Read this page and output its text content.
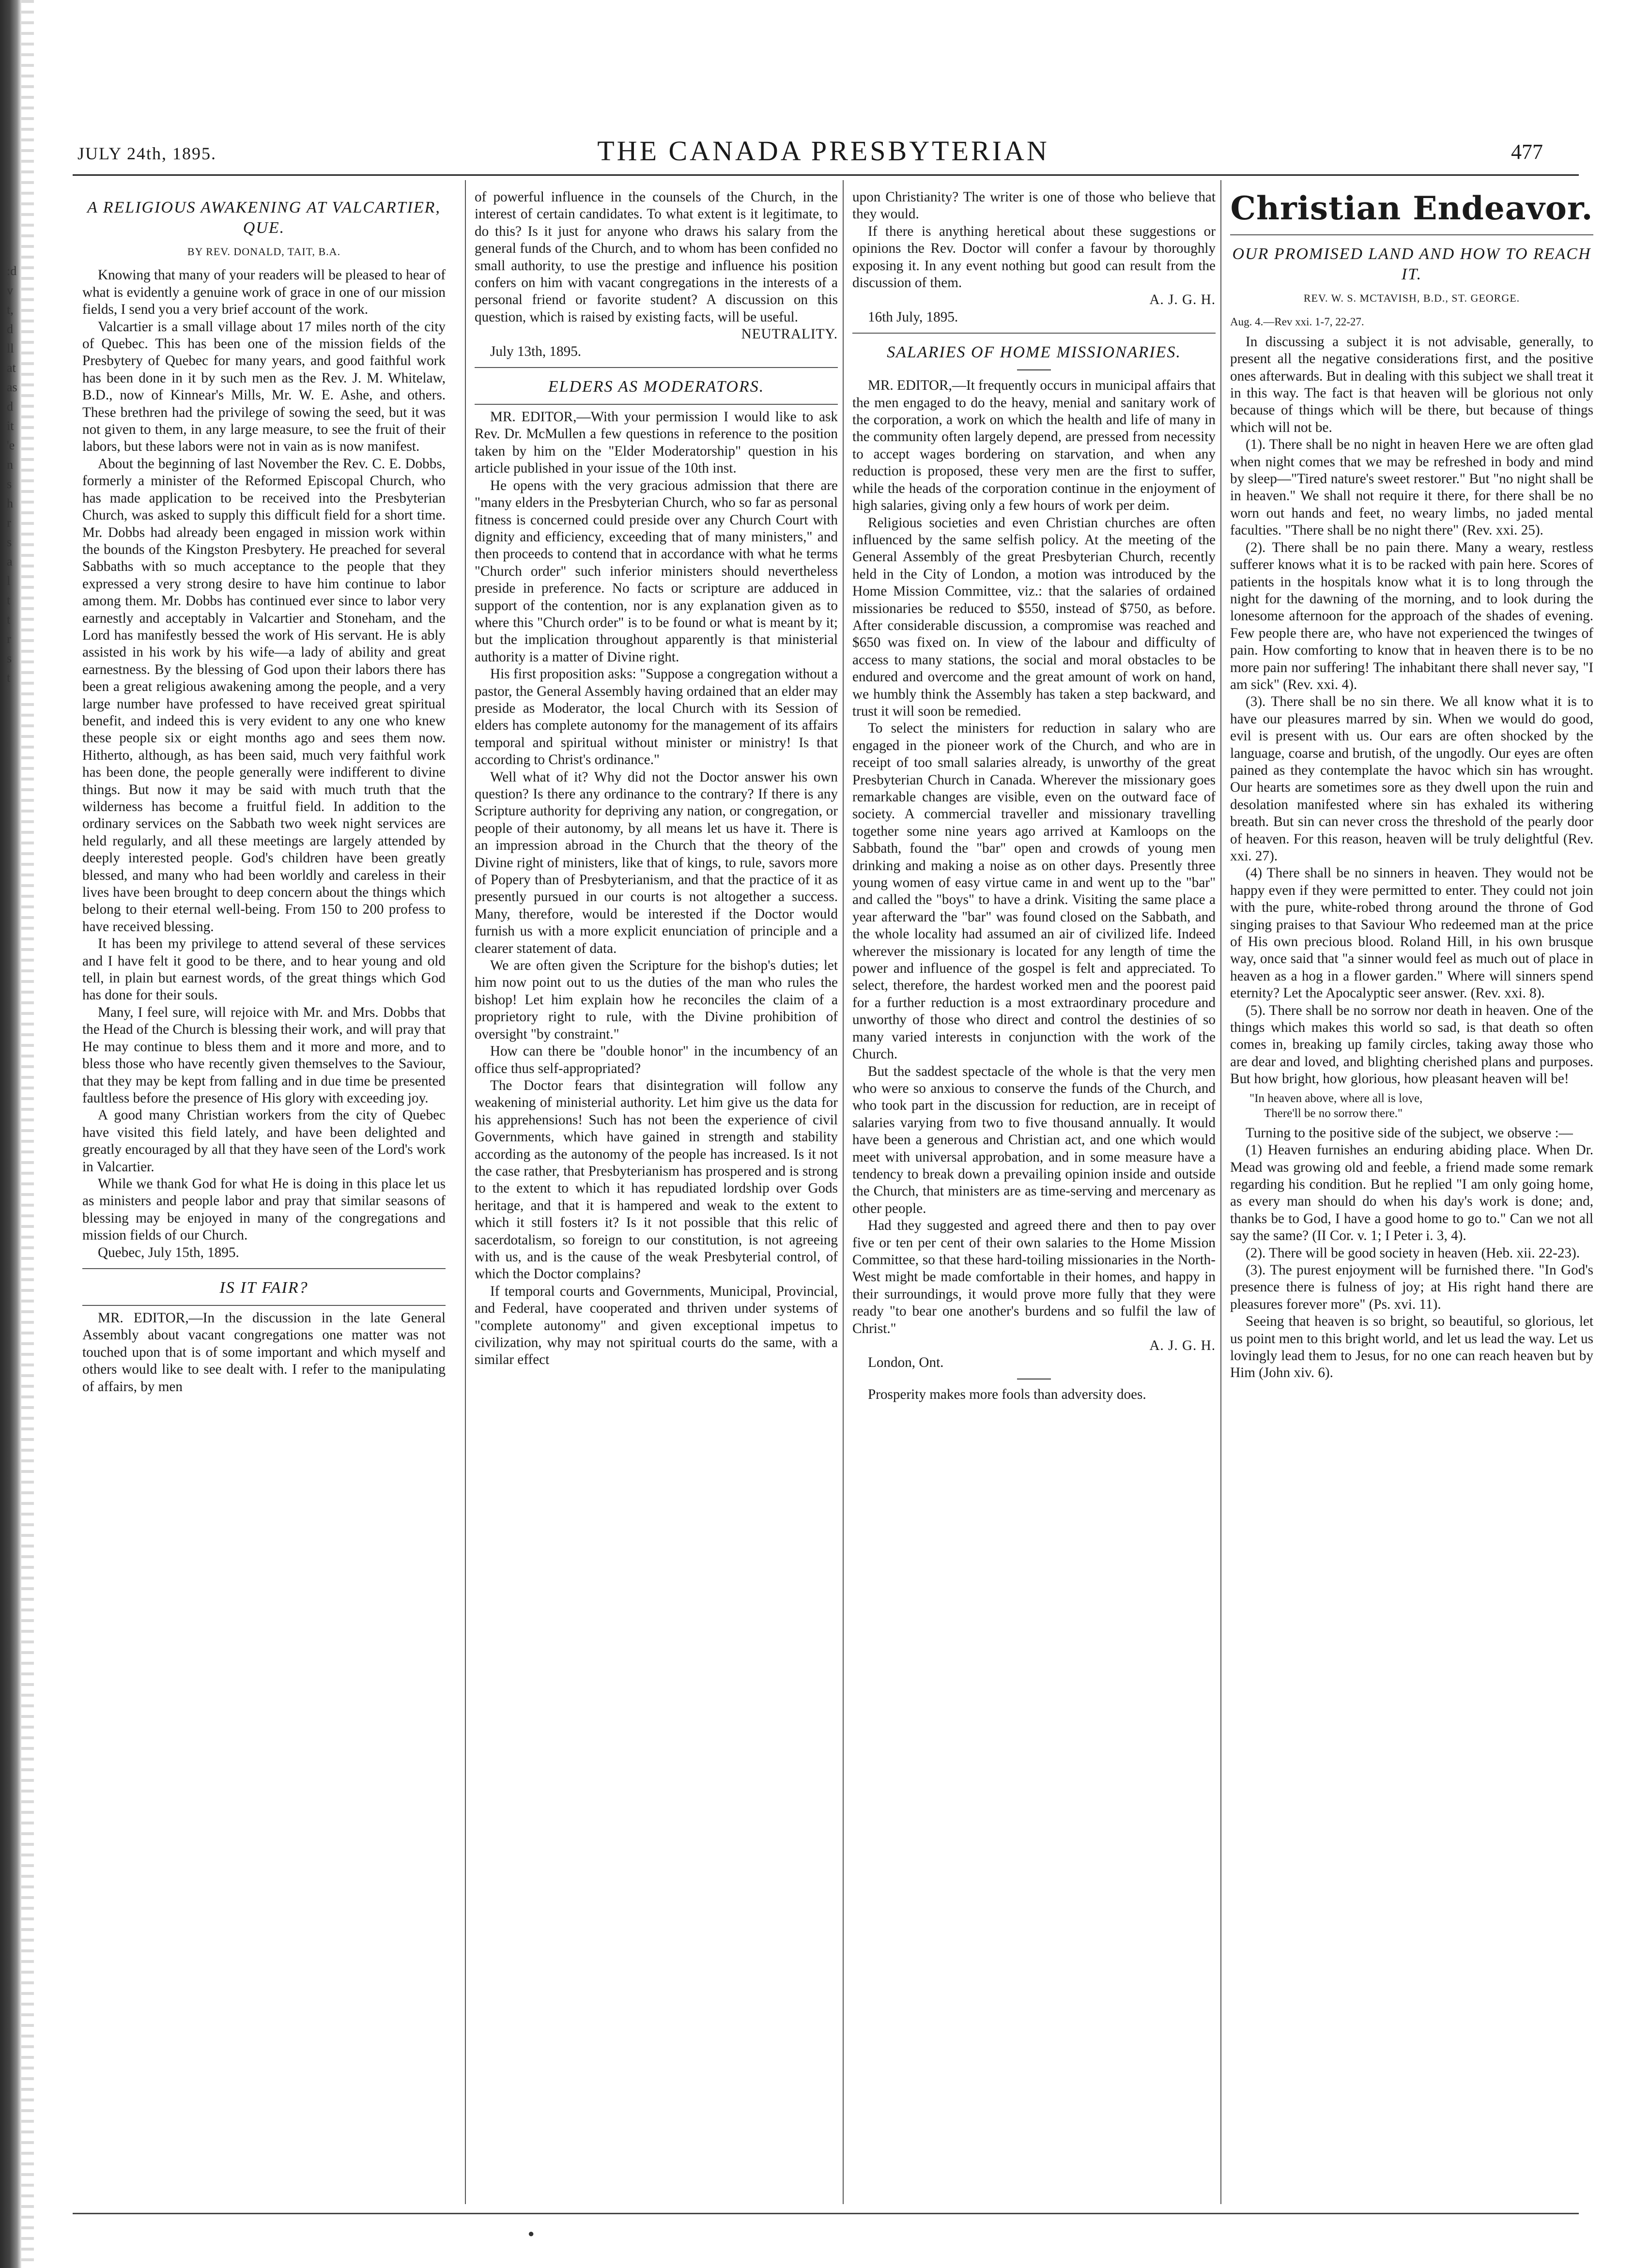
:d
v
t,
d
ll
at
as
d
it
'e
n
s
h
r
s
a
l
t
t
r
s
t
JULY 24th, 1895.	THE CANADA PRESBYTERIAN	477
A RELIGIOUS AWAKENING AT VALCARTIER, QUE.

BY REV. DONALD, TAIT, B.A.

Knowing that many of your readers will be pleased to hear of what is evidently a genuine work of grace in one of our mission fields, I send you a very brief account of the work.

Valcartier is a small village about 17 miles north of the city of Quebec. This has been one of the mission fields of the Presbytery of Quebec for many years, and good faithful work has been done in it by such men as the Rev. J. M. Whitelaw, B.D., now of Kinnear's Mills, Mr. W. E. Ashe, and others. These brethren had the privilege of sowing the seed, but it was not given to them, in any large measure, to see the fruit of their labors, but these labors were not in vain as is now manifest.

About the beginning of last November the Rev. C. E. Dobbs, formerly a minister of the Reformed Episcopal Church, who has made application to be received into the Presbyterian Church, was asked to supply this difficult field for a short time. Mr. Dobbs had already been engaged in mission work within the bounds of the Kingston Presbytery. He preached for several Sabbaths with so much acceptance to the people that they expressed a very strong desire to have him continue to labor among them. Mr. Dobbs has continued ever since to labor very earnestly and acceptably in Valcartier and Stoneham, and the Lord has manifestly bessed the work of His servant. He is ably assisted in his work by his wife—a lady of ability and great earnestness. By the blessing of God upon their labors there has been a great religious awakening among the people, and a very large number have professed to have received great spiritual benefit, and indeed this is very evident to any one who knew these people six or eight months ago and sees them now. Hitherto, although, as has been said, much very faithful work has been done, the people generally were indifferent to divine things. But now it may be said with much truth that the wilderness has become a fruitful field. In addition to the ordinary services on the Sabbath two week night services are held regularly, and all these meetings are largely attended by deeply interested people. God's children have been greatly blessed, and many who had been worldly and careless in their lives have been brought to deep concern about the things which belong to their eternal well-being. From 150 to 200 profess to have received blessing.

It has been my privilege to attend several of these services and I have felt it good to be there, and to hear young and old tell, in plain but earnest words, of the great things which God has done for their souls.

Many, I feel sure, will rejoice with Mr. and Mrs. Dobbs that the Head of the Church is blessing their work, and will pray that He may continue to bless them and it more and more, and to bless those who have recently given themselves to the Saviour, that they may be kept from falling and in due time be presented faultless before the presence of His glory with exceeding joy.

A good many Christian workers from the city of Quebec have visited this field lately, and have been delighted and greatly encouraged by all that they have seen of the Lord's work in Valcartier.

While we thank God for what He is doing in this place let us as ministers and people labor and pray that similar seasons of blessing may be enjoyed in many of the congregations and mission fields of our Church.

Quebec, July 15th, 1895.

IS IT FAIR?

MR. EDITOR,—In the discussion in the late General Assembly about vacant congregations one matter was not touched upon that is of some important and which myself and others would like to see dealt with. I refer to the manipulating of affairs, by men

of powerful influence in the counsels of the Church, in the interest of certain candidates. To what extent is it legitimate, to do this? Is it just for anyone who draws his salary from the general funds of the Church, and to whom has been confided no small authority, to use the prestige and influence his position confers on him with vacant congregations in the interests of a personal friend or favorite student? A discussion on this question, which is raised by existing facts, will be useful.

NEUTRALITY.

July 13th, 1895.

ELDERS AS MODERATORS.

MR. EDITOR,—With your permission I would like to ask Rev. Dr. McMullen a few questions in reference to the position taken by him on the "Elder Moderatorship" question in his article published in your issue of the 10th inst.

He opens with the very gracious admission that there are "many elders in the Presbyterian Church, who so far as personal fitness is concerned could preside over any Church Court with dignity and efficiency, exceeding that of many ministers," and then proceeds to contend that in accordance with what he terms "Church order" such inferior ministers should nevertheless preside in preference. No facts or scripture are adduced in support of the contention, nor is any explanation given as to where this "Church order" is to be found or what is meant by it; but the implication throughout apparently is that ministerial authority is a matter of Divine right.

His first proposition asks: "Suppose a congregation without a pastor, the General Assembly having ordained that an elder may preside as Moderator, the local Church with its Session of elders has complete autonomy for the management of its affairs temporal and spiritual without minister or ministry! Is that according to Christ's ordinance."

Well what of it? Why did not the Doctor answer his own question? Is there any ordinance to the contrary? If there is any Scripture authority for depriving any nation, or congregation, or people of their autonomy, by all means let us have it. There is an impression abroad in the Church that the theory of the Divine right of ministers, like that of kings, to rule, savors more of Popery than of Presbyterianism, and that the practice of it as presently pursued in our courts is not altogether a success. Many, therefore, would be interested if the Doctor would furnish us with a more explicit enunciation of principle and a clearer statement of data.

We are often given the Scripture for the bishop's duties; let him now point out to us the duties of the man who rules the bishop! Let him explain how he reconciles the claim of a proprietory right to rule, with the Divine prohibition of oversight "by constraint."

How can there be "double honor" in the incumbency of an office thus self-appropriated?

The Doctor fears that disintegration will follow any weakening of ministerial authority. Let him give us the data for his apprehensions! Such has not been the experience of civil Governments, which have gained in strength and stability according as the autonomy of the people has increased. Is it not the case rather, that Presbyterianism has prospered and is strong to the extent to which it has repudiated lordship over Gods heritage, and that it is hampered and weak to the extent to which it still fosters it? Is it not possible that this relic of sacerdotalism, so foreign to our constitution, is not agreeing with us, and is the cause of the weak Presbyterial control, of which the Doctor complains?

If temporal courts and Governments, Municipal, Provincial, and Federal, have cooperated and thriven under systems of "complete autonomy" and given exceptional impetus to civilization, why may not spiritual courts do the same, with a similar effect

upon Christianity? The writer is one of those who believe that they would.

If there is anything heretical about these suggestions or opinions the Rev. Doctor will confer a favour by thoroughly exposing it. In any event nothing but good can result from the discussion of them.

A. J. G. H.

16th July, 1895.

SALARIES OF HOME MISSIONARIES.

MR. EDITOR,—It frequently occurs in municipal affairs that the men engaged to do the heavy, menial and sanitary work of the corporation, a work on which the health and life of many in the community often largely depend, are pressed from necessity to accept wages bordering on starvation, and when any reduction is proposed, these very men are the first to suffer, while the heads of the corporation continue in the enjoyment of high salaries, giving only a few hours of work per deim.

Religious societies and even Christian churches are often influenced by the same selfish policy. At the meeting of the General Assembly of the great Presbyterian Church, recently held in the City of London, a motion was introduced by the Home Mission Committee, viz.: that the salaries of ordained missionaries be reduced to $550, instead of $750, as before. After considerable discussion, a compromise was reached and $650 was fixed on. In view of the labour and difficulty of access to many stations, the social and moral obstacles to be endured and overcome and the great amount of work on hand, we humbly think the Assembly has taken a step backward, and trust it will soon be remedied.

To select the ministers for reduction in salary who are engaged in the pioneer work of the Church, and who are in receipt of too small salaries already, is unworthy of the great Presbyterian Church in Canada. Wherever the missionary goes remarkable changes are visible, even on the outward face of society. A commercial traveller and missionary travelling together some nine years ago arrived at Kamloops on the Sabbath, found the "bar" open and crowds of young men drinking and making a noise as on other days. Presently three young women of easy virtue came in and went up to the "bar" and called the "boys" to have a drink. Visiting the same place a year afterward the "bar" was found closed on the Sabbath, and the whole locality had assumed an air of civilized life. Indeed wherever the missionary is located for any length of time the power and influence of the gospel is felt and appreciated. To select, therefore, the hardest worked men and the poorest paid for a further reduction is a most extraordinary procedure and unworthy of those who direct and control the destinies of so many varied interests in conjunction with the work of the Church.

But the saddest spectacle of the whole is that the very men who were so anxious to conserve the funds of the Church, and who took part in the discussion for reduction, are in receipt of salaries varying from two to five thousand annually. It would have been a generous and Christian act, and one which would meet with universal approbation, and in some measure have a tendency to break down a prevailing opinion inside and outside the Church, that ministers are as time-serving and mercenary as other people.

Had they suggested and agreed there and then to pay over five or ten per cent of their own salaries to the Home Mission Committee, so that these hard-toiling missionaries in the North-West might be made comfortable in their homes, and happy in their surroundings, it would prove more fully that they were ready "to bear one another's burdens and so fulfil the law of Christ."

A. J. G. H.

London, Ont.

Prosperity makes more fools than adversity does.

Christian Endeavor.
OUR PROMISED LAND AND HOW TO REACH IT.

REV. W. S. MCTAVISH, B.D., ST. GEORGE.

Aug. 4.—Rev xxi. 1-7, 22-27.

In discussing a subject it is not advisable, generally, to present all the negative considerations first, and the positive ones afterwards. But in dealing with this subject we shall treat it in this way. The fact is that heaven will be glorious not only because of things which will be there, but because of things which will not be.

(1). There shall be no night in heaven Here we are often glad when night comes that we may be refreshed in body and mind by sleep—"Tired nature's sweet restorer." But "no night shall be in heaven." We shall not require it there, for there shall be no worn out hands and feet, no weary limbs, no jaded mental faculties. "There shall be no night there" (Rev. xxi. 25).

(2). There shall be no pain there. Many a weary, restless sufferer knows what it is to be racked with pain here. Scores of patients in the hospitals know what it is to long through the night for the dawning of the morning, and to look during the lonesome afternoon for the approach of the shades of evening. Few people there are, who have not experienced the twinges of pain. How comforting to know that in heaven there is to be no more pain nor suffering! The inhabitant there shall never say, "I am sick" (Rev. xxi. 4).

(3). There shall be no sin there. We all know what it is to have our pleasures marred by sin. When we would do good, evil is present with us. Our ears are often shocked by the language, coarse and brutish, of the ungodly. Our eyes are often pained as they contemplate the havoc which sin has wrought. Our hearts are sometimes sore as they dwell upon the ruin and desolation manifested where sin has exhaled its withering breath. But sin can never cross the threshold of the pearly door of heaven. For this reason, heaven will be truly delightful (Rev. xxi. 27).

(4) There shall be no sinners in heaven. They would not be happy even if they were permitted to enter. They could not join with the pure, white-robed throng around the throne of God singing praises to that Saviour Who redeemed man at the price of His own precious blood. Roland Hill, in his own brusque way, once said that "a sinner would feel as much out of place in heaven as a hog in a flower garden." Where will sinners spend eternity? Let the Apocalyptic seer answer. (Rev. xxi. 8).

(5). There shall be no sorrow nor death in heaven. One of the things which makes this world so sad, is that death so often comes in, breaking up family circles, taking away those who are dear and loved, and blighting cherished plans and purposes. But how bright, how glorious, how pleasant heaven will be!

"In heaven above, where all is love,
There'll be no sorrow there."

Turning to the positive side of the subject, we observe :—

(1) Heaven furnishes an enduring abiding place. When Dr. Mead was growing old and feeble, a friend made some remark regarding his condition. But he replied "I am only going home, as every man should do when his day's work is done; and, thanks be to God, I have a good home to go to." Can we not all say the same? (II Cor. v. 1; I Peter i. 3, 4).

(2). There will be good society in heaven (Heb. xii. 22-23).

(3). The purest enjoyment will be furnished there. "In God's presence there is fulness of joy; at His right hand there are pleasures forever more" (Ps. xvi. 11).

Seeing that heaven is so bright, so beautiful, so glorious, let us point men to this bright world, and let us lead the way. Let us lovingly lead them to Jesus, for no one can reach heaven but by Him (John xiv. 6).

●
